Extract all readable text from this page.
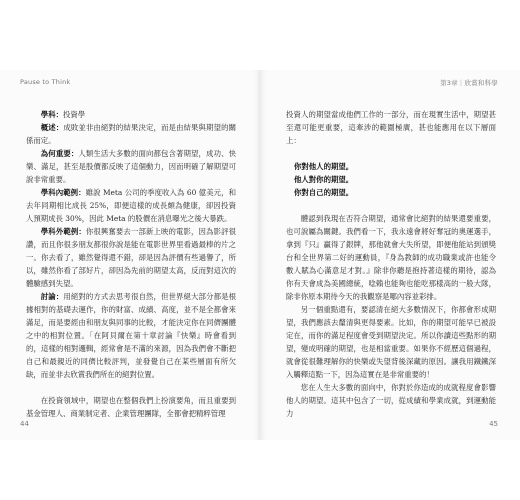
Pause to Think

學科：投資學

概述：成敗並非由絕對的結果決定，而是由結果與期望的關係而定。

為何重要：人類生活大多數的面向都包含著期望，成功、快樂、滿足，甚至是股價都反映了這個動力，因而明確了解期望可說非常重要。

學科內範例：雖說 Meta 公司的季度收入為 60 億美元，和去年同期相比成長 25%，即便這樣的成長頗為健康，卻因投資人預期成長 30%，因此 Meta 的股價在消息曝光之後大暴跌。

學科外範例：你很興奮要去一部新上映的電影，因為影評很讚，而且你很多朋友都很你說是能在電影世界里看過最棒的片之一。你去看了，雖然覺得還不錯，卻是因為評價有些過譽了，所以，雖然你看了部好片，卻因為先前的期望太高，反而對這次的體驗感到失望。

討論：用絕對的方式去思考很自然，但世界絕大部分都是根據相對的基礎去運作，你的財富、成績、高度，並不是全都會來滿足，而是要經由和朋友與同事的比較，才能決定你在同儕團體之中的相對位置。「在阿貝爾在第十章討論『快樂』時會看到的，這樣的相對邏輯，經常會是不滿的來源，因為我們會不斷把自己和最親近的同儕比較評判，並發覺自己在某些層面有所欠缺，而並非去欣賞我們所在的絕對位置。

在投資領域中，期望也在整個我們上扮演要角，而且重要到基金管理人、商業制定者、企業管理團隊，全都會把精粹管理

44
第3章｜欣賞和科學

投資人的期望當成他們工作的一部分，而在現實生活中，期望甚至還可能更重要，這牽涉的範圍極廣，甚也能應用在以下層面上：

你對他人的期望。
他人對你的期望。
你對自己的期望。

體認到我現在否符合期望，通常會比絕對的結果還要重要，也可說屬為關鍵。我們看一下，我永遠會將好奪冠的奧運選手，拿到『只』贏得了銀牌，那他就會大失所望，即便他能站到頒獎台和全世界第二好的運動員，『身為教師的成功職業或許也能令數人賦為心滿意足才對。』除非你聽是抱持著這樣的期待，認為你有天會成為美國總統，唸賴也能夠也能吃那樣高的一般大隊，除非你原本期待今天的我觀察是哪內容並彩排。

另一個重點還有，要認清在絕大多數情況下，你都會形成期望，我們應該去釐清與更得要素。比如，你的期望可能早已被設定在，而你的滿足程度會受到期望決定。所以你讀這些點形的期望，變成明確的期望，也是相當重要。如果你不經歷這個過程，就會從很難理解你的快樂或失望背後深藏的原因。讓我用鐵鐵深入觸釋這點一下，因為這實在是非常重要的！

您在人生大多數的面向中，你對於你造成的成就程度會影響他人的期望。這其中包含了一切，從成績和學業成就，到運動能力

45
